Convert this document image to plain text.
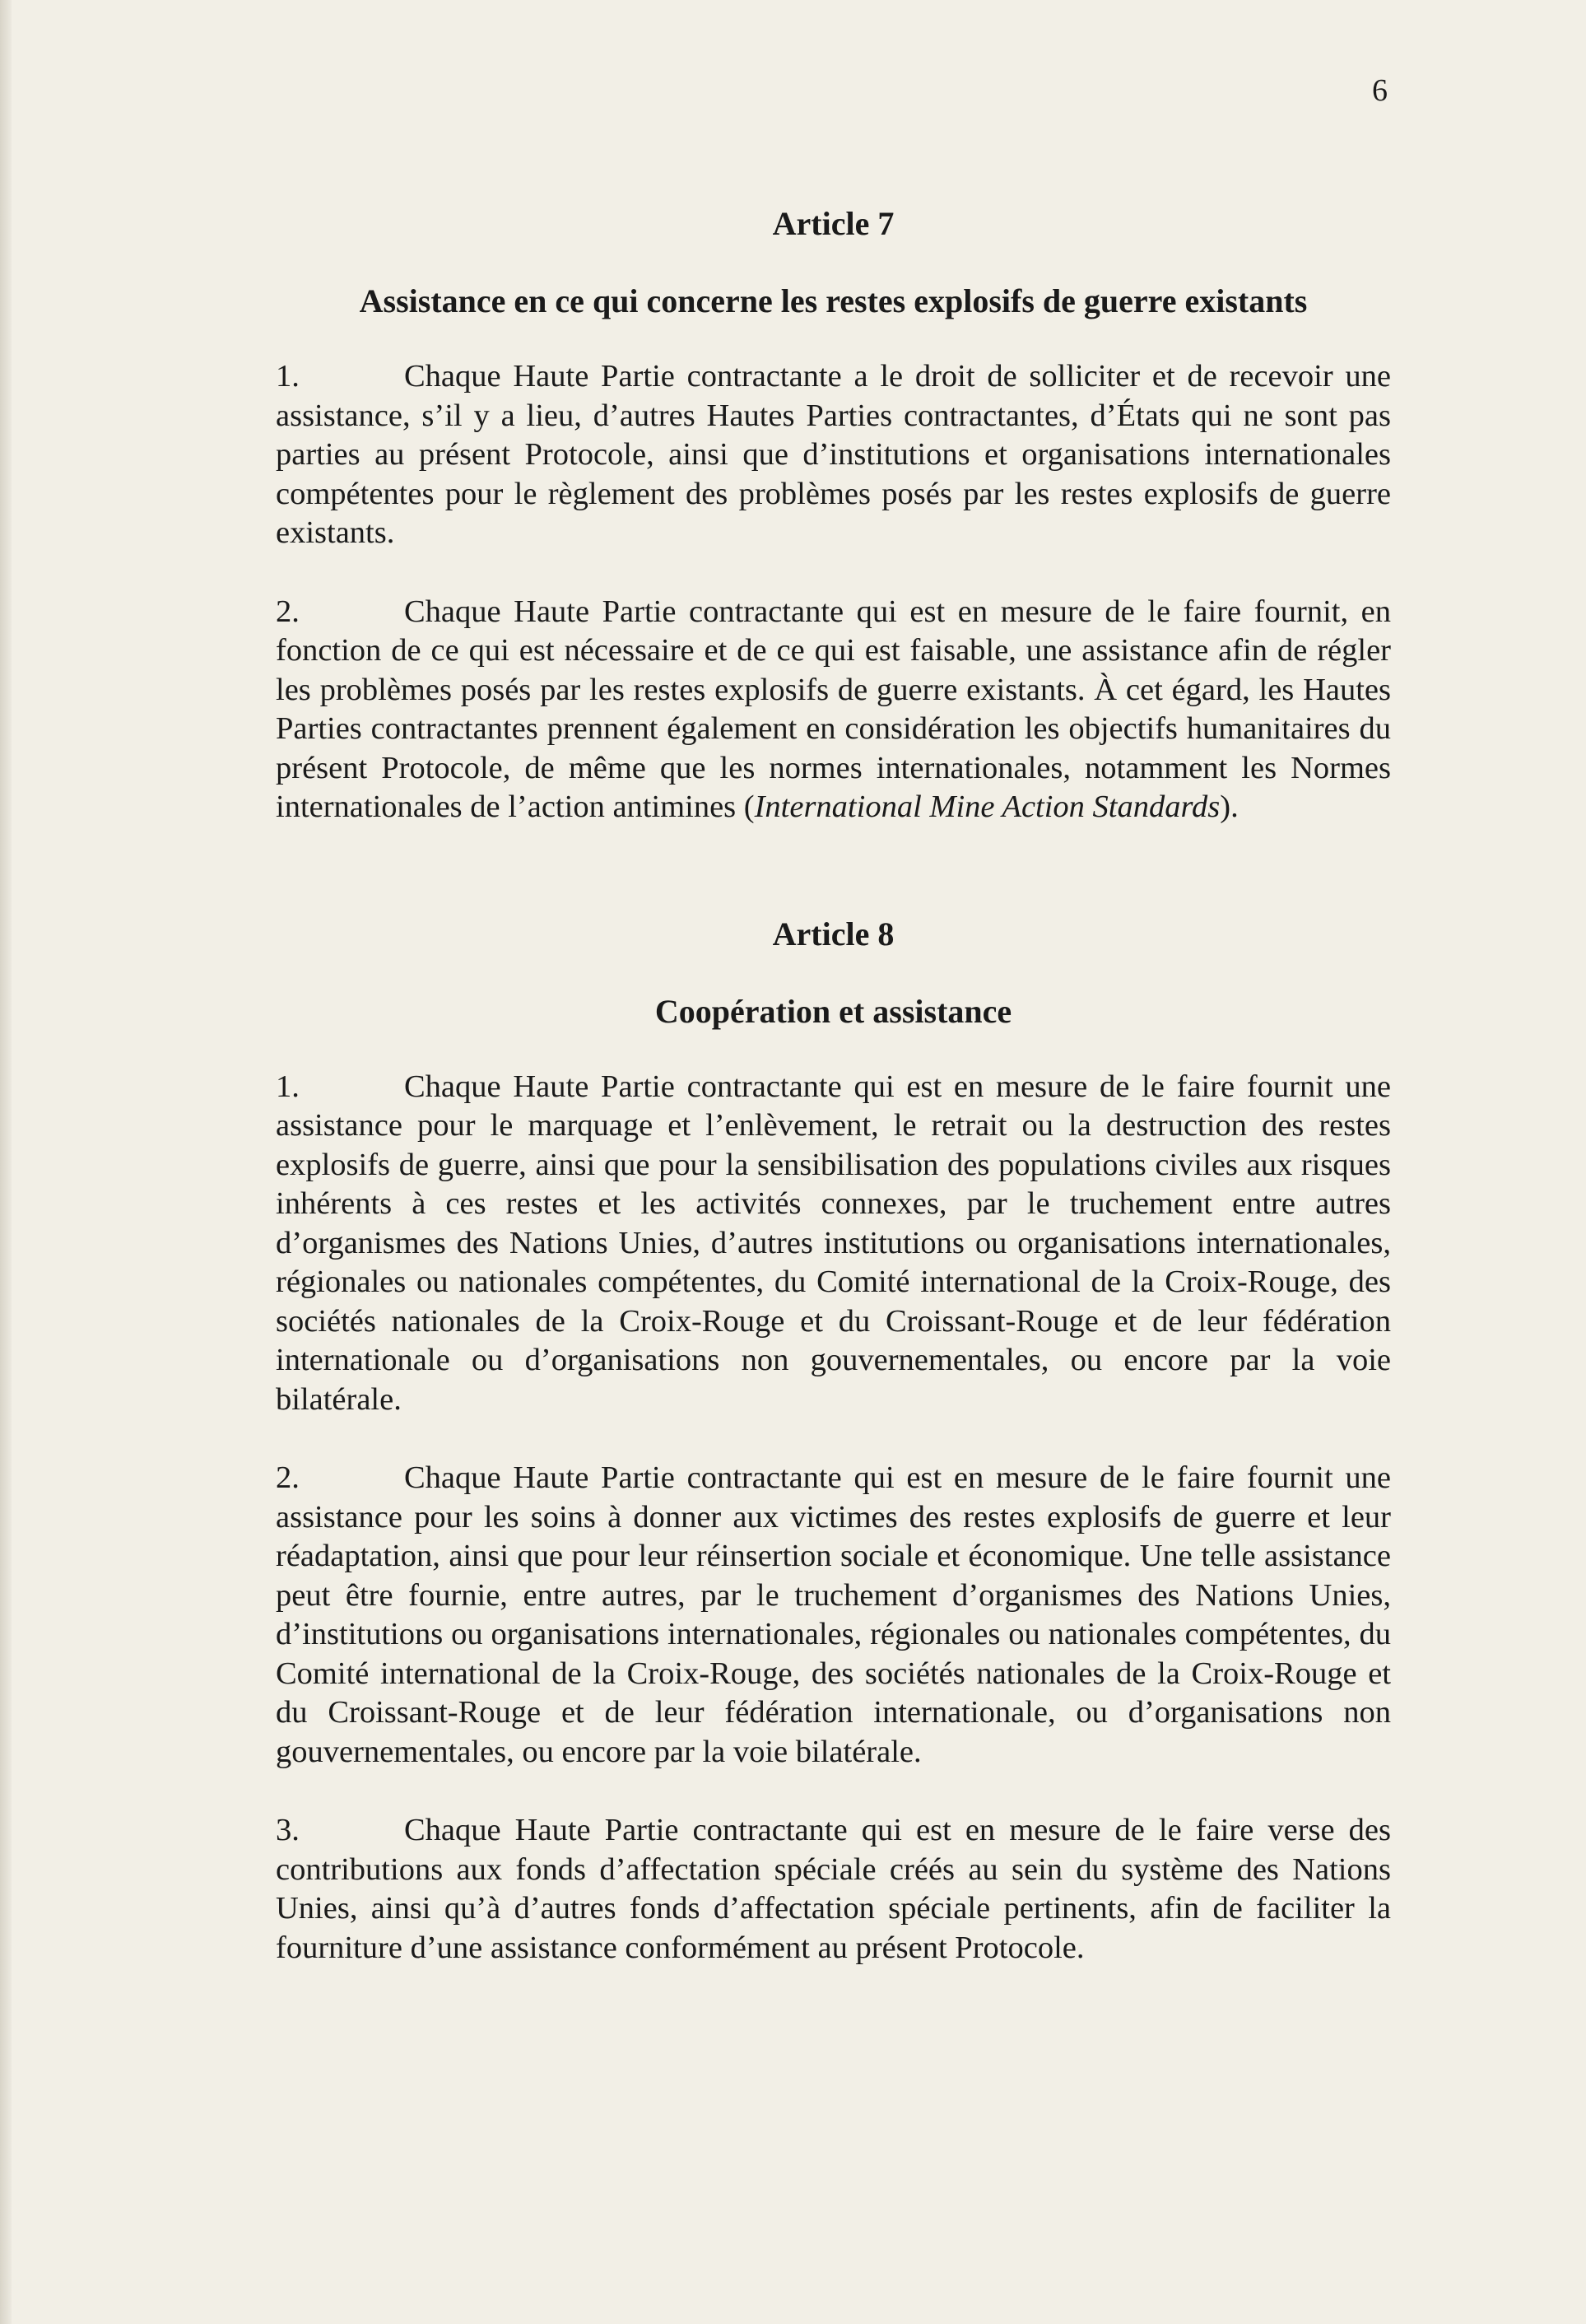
6
Article 7
Assistance en ce qui concerne les restes explosifs de guerre existants

1.	Chaque Haute Partie contractante a le droit de solliciter et de recevoir une assistance, s’il y a lieu, d’autres Hautes Parties contractantes, d’États qui ne sont pas parties au présent Protocole, ainsi que d’institutions et organisations internationales compétentes pour le règlement des problèmes posés par les restes explosifs de guerre existants.

2.	Chaque Haute Partie contractante qui est en mesure de le faire fournit, en fonction de ce qui est nécessaire et de ce qui est faisable, une assistance afin de régler les problèmes posés par les restes explosifs de guerre existants. À cet égard, les Hautes Parties contractantes prennent également en considération les objectifs humanitaires du présent Protocole, de même que les normes internationales, notamment les Normes internationales de l’action antimines (International Mine Action Standards).

Article 8
Coopération et assistance

1.	Chaque Haute Partie contractante qui est en mesure de le faire fournit une assistance pour le marquage et l’enlèvement, le retrait ou la destruction des restes explosifs de guerre, ainsi que pour la sensibilisation des populations civiles aux risques inhérents à ces restes et les activités connexes, par le truchement entre autres d’organismes des Nations Unies, d’autres institutions ou organisations internationales, régionales ou nationales compétentes, du Comité international de la Croix-Rouge, des sociétés nationales de la Croix-Rouge et du Croissant-Rouge et de leur fédération internationale ou d’organisations non gouvernementales, ou encore par la voie bilatérale.

2.	Chaque Haute Partie contractante qui est en mesure de le faire fournit une assistance pour les soins à donner aux victimes des restes explosifs de guerre et leur réadaptation, ainsi que pour leur réinsertion sociale et économique. Une telle assistance peut être fournie, entre autres, par le truchement d’organismes des Nations Unies, d’institutions ou organisations internationales, régionales ou nationales compétentes, du Comité international de la Croix-Rouge, des sociétés nationales de la Croix-Rouge et du Croissant-Rouge et de leur fédération internationale, ou d’organisations non gouvernementales, ou encore par la voie bilatérale.

3.	Chaque Haute Partie contractante qui est en mesure de le faire verse des contributions aux fonds d’affectation spéciale créés au sein du système des Nations Unies, ainsi qu’à d’autres fonds d’affectation spéciale pertinents, afin de faciliter la fourniture d’une assistance conformément au présent Protocole.
